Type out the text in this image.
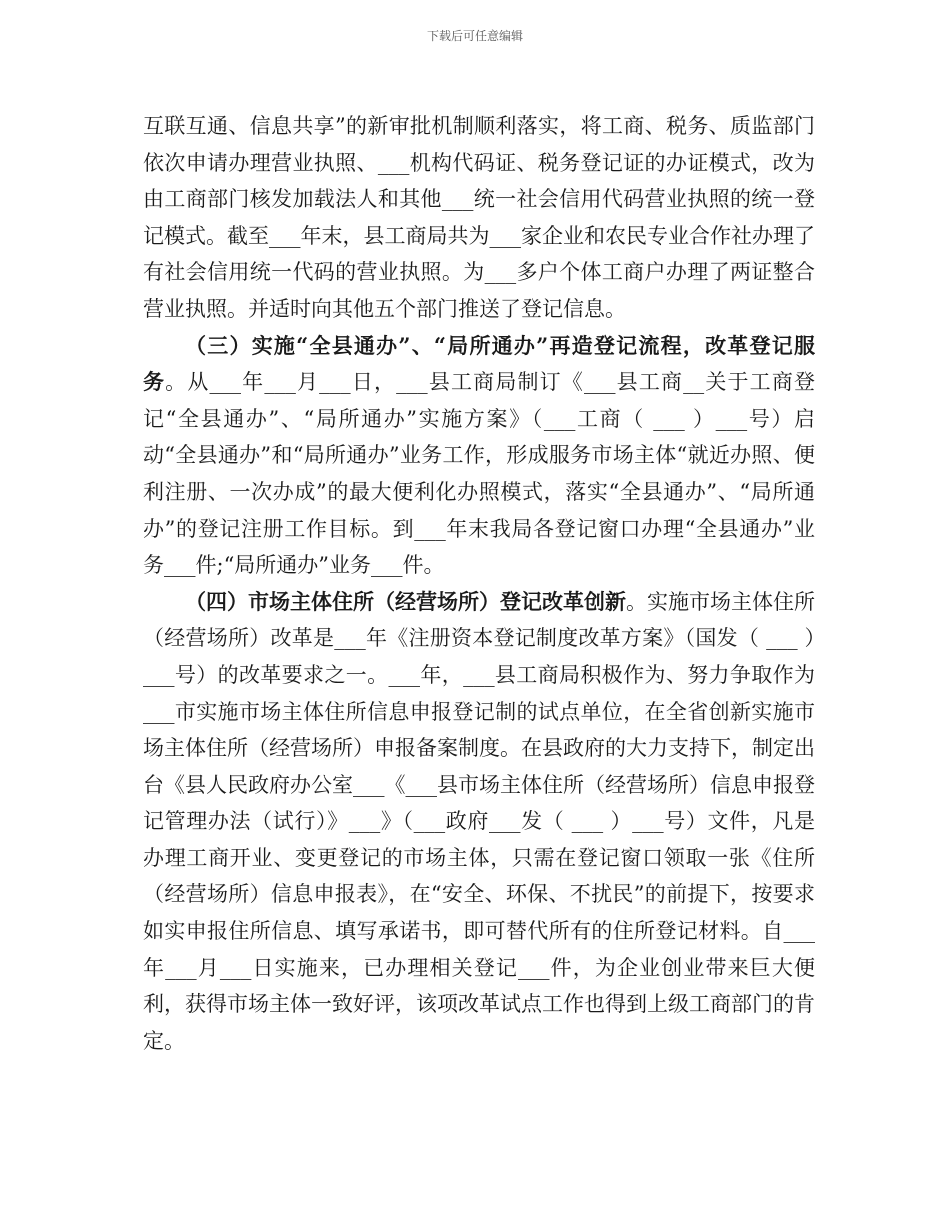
下载后可任意编辑

互联互通、信息共享”的新审批机制顺利落实，将工商、税务、质监部门依次申请办理营业执照、___机构代码证、税务登记证的办证模式，改为由工商部门核发加载法人和其他___统一社会信用代码营业执照的统一登记模式。截至___年末，县工商局共为___家企业和农民专业合作社办理了有社会信用统一代码的营业执照。为___多户个体工商户办理了两证整合营业执照。并适时向其他五个部门推送了登记信息。

（三）实施“全县通办”、“局所通办”再造登记流程，改革登记服务。从___年___月___日，___县工商局制订《___县工商__关于工商登记“全县通办”、“局所通办”实施方案》（___工商（ ___ ）___号）启动“全县通办”和“局所通办”业务工作，形成服务市场主体“就近办照、便利注册、一次办成”的最大便利化办照模式，落实“全县通办”、“局所通办”的登记注册工作目标。到___年末我局各登记窗口办理“全县通办”业务___件;“局所通办”业务___件。

（四）市场主体住所（经营场所）登记改革创新。实施市场主体住所（经营场所）改革是___年《注册资本登记制度改革方案》（国发（ ___ ）___号）的改革要求之一。___年，___县工商局积极作为、努力争取作为___市实施市场主体住所信息申报登记制的试点单位，在全省创新实施市场主体住所（经营场所）申报备案制度。在县政府的大力支持下，制定出台《县人民政府办公室___《___县市场主体住所（经营场所）信息申报登记管理办法（试行）》___》（___政府___发（ ___ ）___号）文件，凡是办理工商开业、变更登记的市场主体，只需在登记窗口领取一张《住所（经营场所）信息申报表》，在“安全、环保、不扰民”的前提下，按要求如实申报住所信息、填写承诺书，即可替代所有的住所登记材料。自___年___月___日实施来，已办理相关登记___件，为企业创业带来巨大便利，获得市场主体一致好评，该项改革试点工作也得到上级工商部门的肯定。
